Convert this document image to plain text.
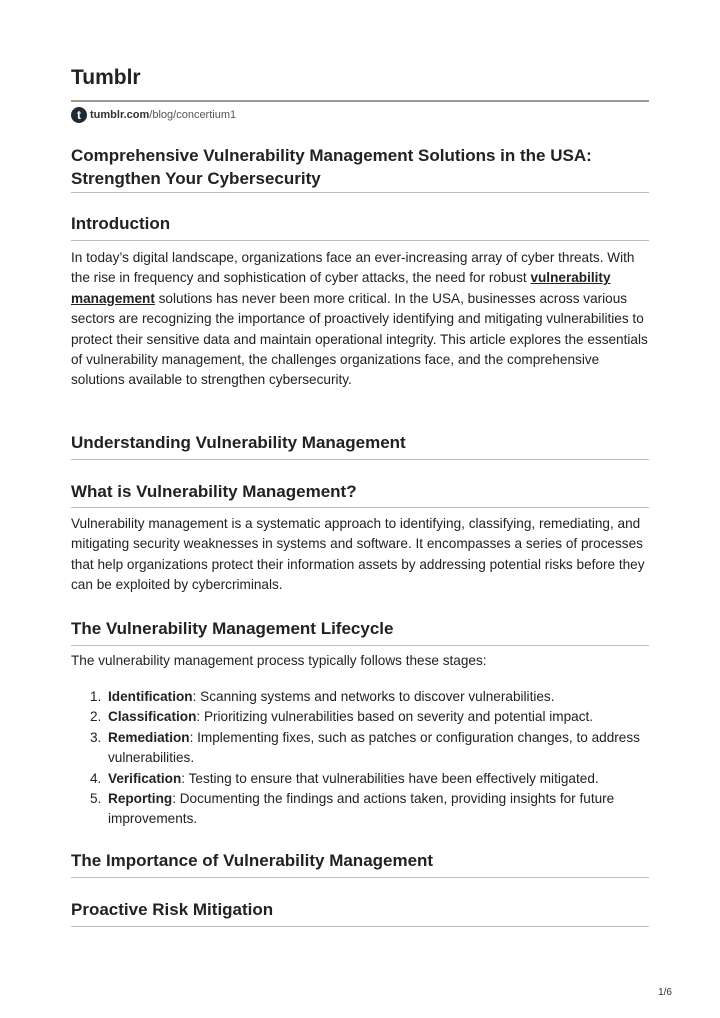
Tumblr
t tumblr.com /blog/concertium1
Comprehensive Vulnerability Management Solutions in the USA: Strengthen Your Cybersecurity
Introduction

In today’s digital landscape, organizations face an ever-increasing array of cyber threats. With the rise in frequency and sophistication of cyber attacks, the need for robust vulnerability management solutions has never been more critical. In the USA, businesses across various sectors are recognizing the importance of proactively identifying and mitigating vulnerabilities to protect their sensitive data and maintain operational integrity. This article explores the essentials of vulnerability management, the challenges organizations face, and the comprehensive solutions available to strengthen cybersecurity.

Understanding Vulnerability Management
What is Vulnerability Management?

Vulnerability management is a systematic approach to identifying, classifying, remediating, and mitigating security weaknesses in systems and software. It encompasses a series of processes that help organizations protect their information assets by addressing potential risks before they can be exploited by cybercriminals.

The Vulnerability Management Lifecycle

The vulnerability management process typically follows these stages:

1. Identification: Scanning systems and networks to discover vulnerabilities.
2. Classification: Prioritizing vulnerabilities based on severity and potential impact.
3. Remediation: Implementing fixes, such as patches or configuration changes, to address vulnerabilities.
4. Verification: Testing to ensure that vulnerabilities have been effectively mitigated.
5. Reporting: Documenting the findings and actions taken, providing insights for future improvements.
The Importance of Vulnerability Management
Proactive Risk Mitigation
1/6
